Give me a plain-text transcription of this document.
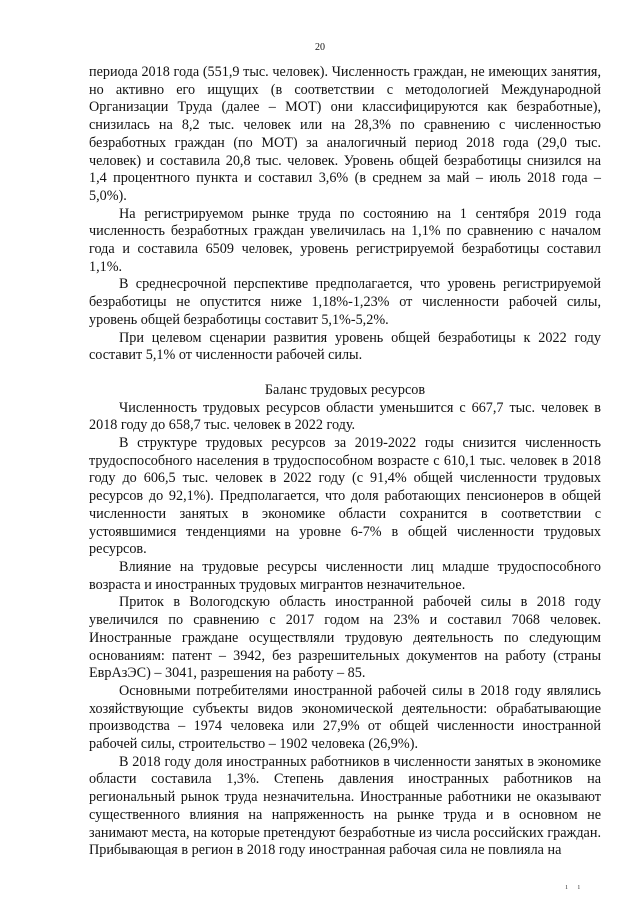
20

периода 2018 года (551,9 тыс. человек). Численность граждан, не имеющих занятия, но активно его ищущих (в соответствии с методологией Международной Организации Труда (далее – МОТ) они классифицируются как безработные), снизилась на 8,2 тыс. человек или на 28,3% по сравнению с численностью безработных граждан (по МОТ) за аналогичный период 2018 года (29,0 тыс. человек) и составила 20,8 тыс. человек. Уровень общей безработицы снизился на 1,4 процентного пункта и составил 3,6% (в среднем за май – июль 2018 года – 5,0%).

На регистрируемом рынке труда по состоянию на 1 сентября 2019 года численность безработных граждан увеличилась на 1,1% по сравнению с началом года и составила 6509 человек, уровень регистрируемой безработицы составил 1,1%.

В среднесрочной перспективе предполагается, что уровень регистрируемой безработицы не опустится ниже 1,18%-1,23% от численности рабочей силы, уровень общей безработицы составит 5,1%-5,2%.

При целевом сценарии развития уровень общей безработицы к 2022 году составит 5,1% от численности рабочей силы.

Баланс трудовых ресурсов

Численность трудовых ресурсов области уменьшится с 667,7 тыс. человек в 2018 году до 658,7 тыс. человек в 2022 году.

В структуре трудовых ресурсов за 2019-2022 годы снизится численность трудоспособного населения в трудоспособном возрасте с 610,1 тыс. человек в 2018 году до 606,5 тыс. человек в 2022 году (с 91,4% общей численности трудовых ресурсов до 92,1%). Предполагается, что доля работающих пенсионеров в общей численности занятых в экономике области сохранится в соответствии с устоявшимися тенденциями на уровне 6-7% в общей численности трудовых ресурсов.

Влияние на трудовые ресурсы численности лиц младше трудоспособного возраста и иностранных трудовых мигрантов незначительное.

Приток в Вологодскую область иностранной рабочей силы в 2018 году увеличился по сравнению с 2017 годом на 23% и составил 7068 человек. Иностранные граждане осуществляли трудовую деятельность по следующим основаниям: патент – 3942, без разрешительных документов на работу (страны ЕврАзЭС) – 3041, разрешения на работу – 85.

Основными потребителями иностранной рабочей силы в 2018 году являлись хозяйствующие субъекты видов экономической деятельности: обрабатывающие производства – 1974 человека или 27,9% от общей численности иностранной рабочей силы, строительство – 1902 человека (26,9%).

В 2018 году доля иностранных работников в численности занятых в экономике области составила 1,3%. Степень давления иностранных работников на региональный рынок труда незначительна. Иностранные работники не оказывают существенного влияния на напряженность на рынке труда и в основном не занимают места, на которые претендуют безработные из числа российских граждан. Прибывающая в регион в 2018 году иностранная рабочая сила не повлияла на

ı ı
